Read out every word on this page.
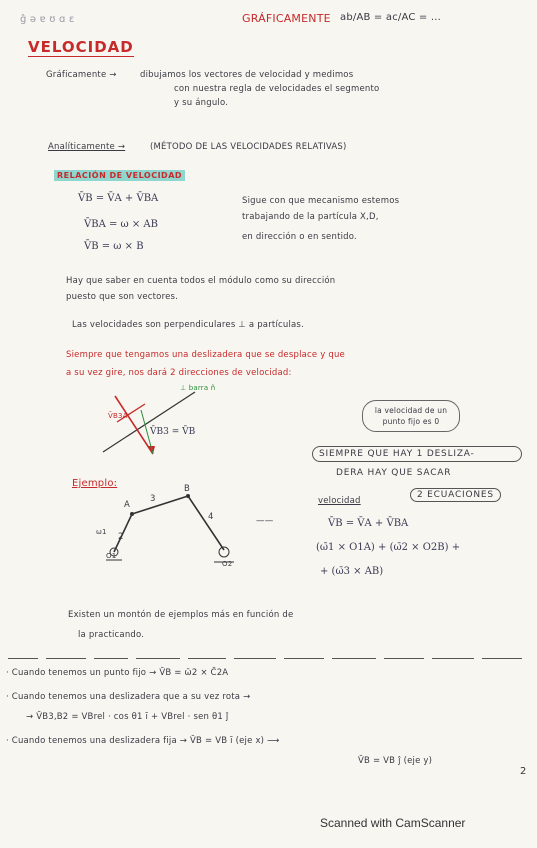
ĝ ǝ ɐ ʊ ɑ ɛ	GRÁFICAMENTE ab/AB = ac/AC = ...
VELOCIDAD
Gráficamente →	dibujamos los vectores de velocidad y medimos
con nuestra regla de velocidades el segmento
y su ángulo.
Analíticamente →	(MÉTODO DE LAS VELOCIDADES RELATIVAS)
RELACIÓN DE VELOCIDAD
V̄B = V̄A + V̄BA
V̄BA = ω × AB
V̄B = ω × B
Sigue con que mecanismo estemos
trabajando de la partícula X,D,
en dirección o en sentido.
Hay que saber en cuenta todos el módulo como su dirección
puesto que son vectores.
Las velocidades son perpendiculares ⊥ a partículas.
Siempre que tengamos una deslizadera que se desplace y que
a su vez gire, nos dará 2 direcciones de velocidad:
⊥ barra ñ
V̄B3A
V̄B3 = V̄B
la velocidad de un punto fijo es 0
SIEMPRE QUE HAY 1 DESLIZA-
DERA HAY QUE SACAR
2 ECUACIONES
Ejemplo:
A
3
B
4
ω1 2
O1
O2
——
velocidad
V̄B = V̄A + V̄BA
(ω̄1 × O1A) + (ω̄2 × O2B) +
+ (ω̄3 × AB)
Existen un montón de ejemplos más en función de
la practicando.
· Cuando tenemos un punto fijo → V̄B = ω̄2 × C̄2A
· Cuando tenemos una deslizadera que a su vez rota →
→ V̄B3,B2 = VBrel · cos θ1 ī + VBrel · sen θ1 ĵ
· Cuando tenemos una deslizadera fija → V̄B = VB ī (eje x) ⟶
V̄B = VB ĵ (eje y)
2
Scanned with CamScanner
